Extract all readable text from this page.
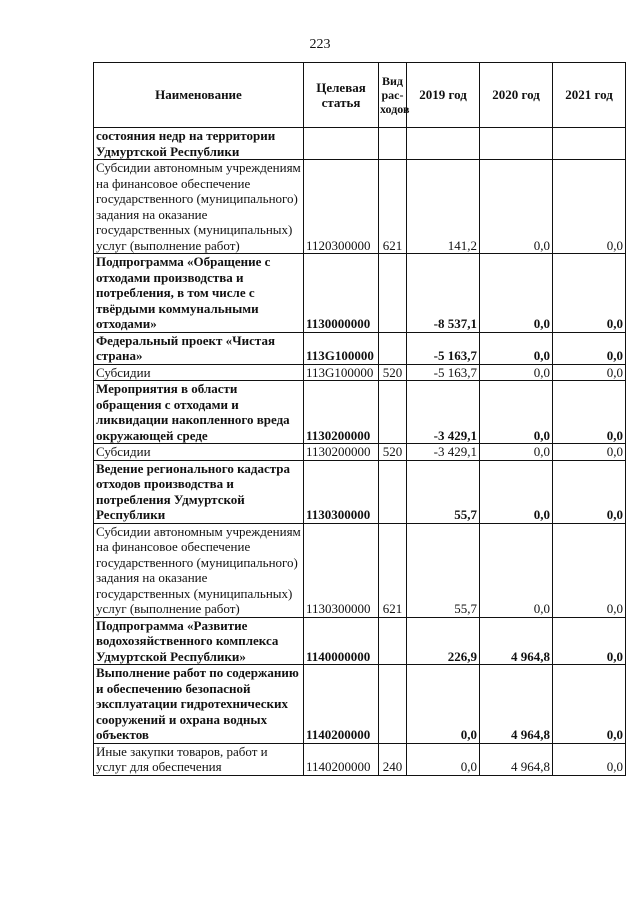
223
Наименование	Целевая статья	Вид рас-ходов	2019 год	2020 год	2021 год
состояния недр на территории Удмуртской Республики					
Субсидии автономным учреждениям на финансовое обеспечение государственного (муниципального) задания на оказание государственных (муниципальных) услуг (выполнение работ)	1120300000	621	141,2	0,0	0,0
Подпрограмма «Обращение с отходами производства и потребления, в том числе с твёрдыми коммунальными отходами»	1130000000		-8 537,1	0,0	0,0
Федеральный проект «Чистая страна»	113G100000		-5 163,7	0,0	0,0
Субсидии	113G100000	520	-5 163,7	0,0	0,0
Мероприятия в области обращения с отходами и ликвидации накопленного вреда окружающей среде	1130200000		-3 429,1	0,0	0,0
Субсидии	1130200000	520	-3 429,1	0,0	0,0
Ведение регионального кадастра отходов производства и потребления Удмуртской Республики	1130300000		55,7	0,0	0,0
Субсидии автономным учреждениям на финансовое обеспечение государственного (муниципального) задания на оказание государственных (муниципальных) услуг (выполнение работ)	1130300000	621	55,7	0,0	0,0
Подпрограмма «Развитие водохозяйственного комплекса Удмуртской Республики»	1140000000		226,9	4 964,8	0,0
Выполнение работ по содержанию и обеспечению безопасной эксплуатации гидротехнических сооружений и охрана водных объектов	1140200000		0,0	4 964,8	0,0
Иные закупки товаров, работ и услуг для обеспечения	1140200000	240	0,0	4 964,8	0,0
